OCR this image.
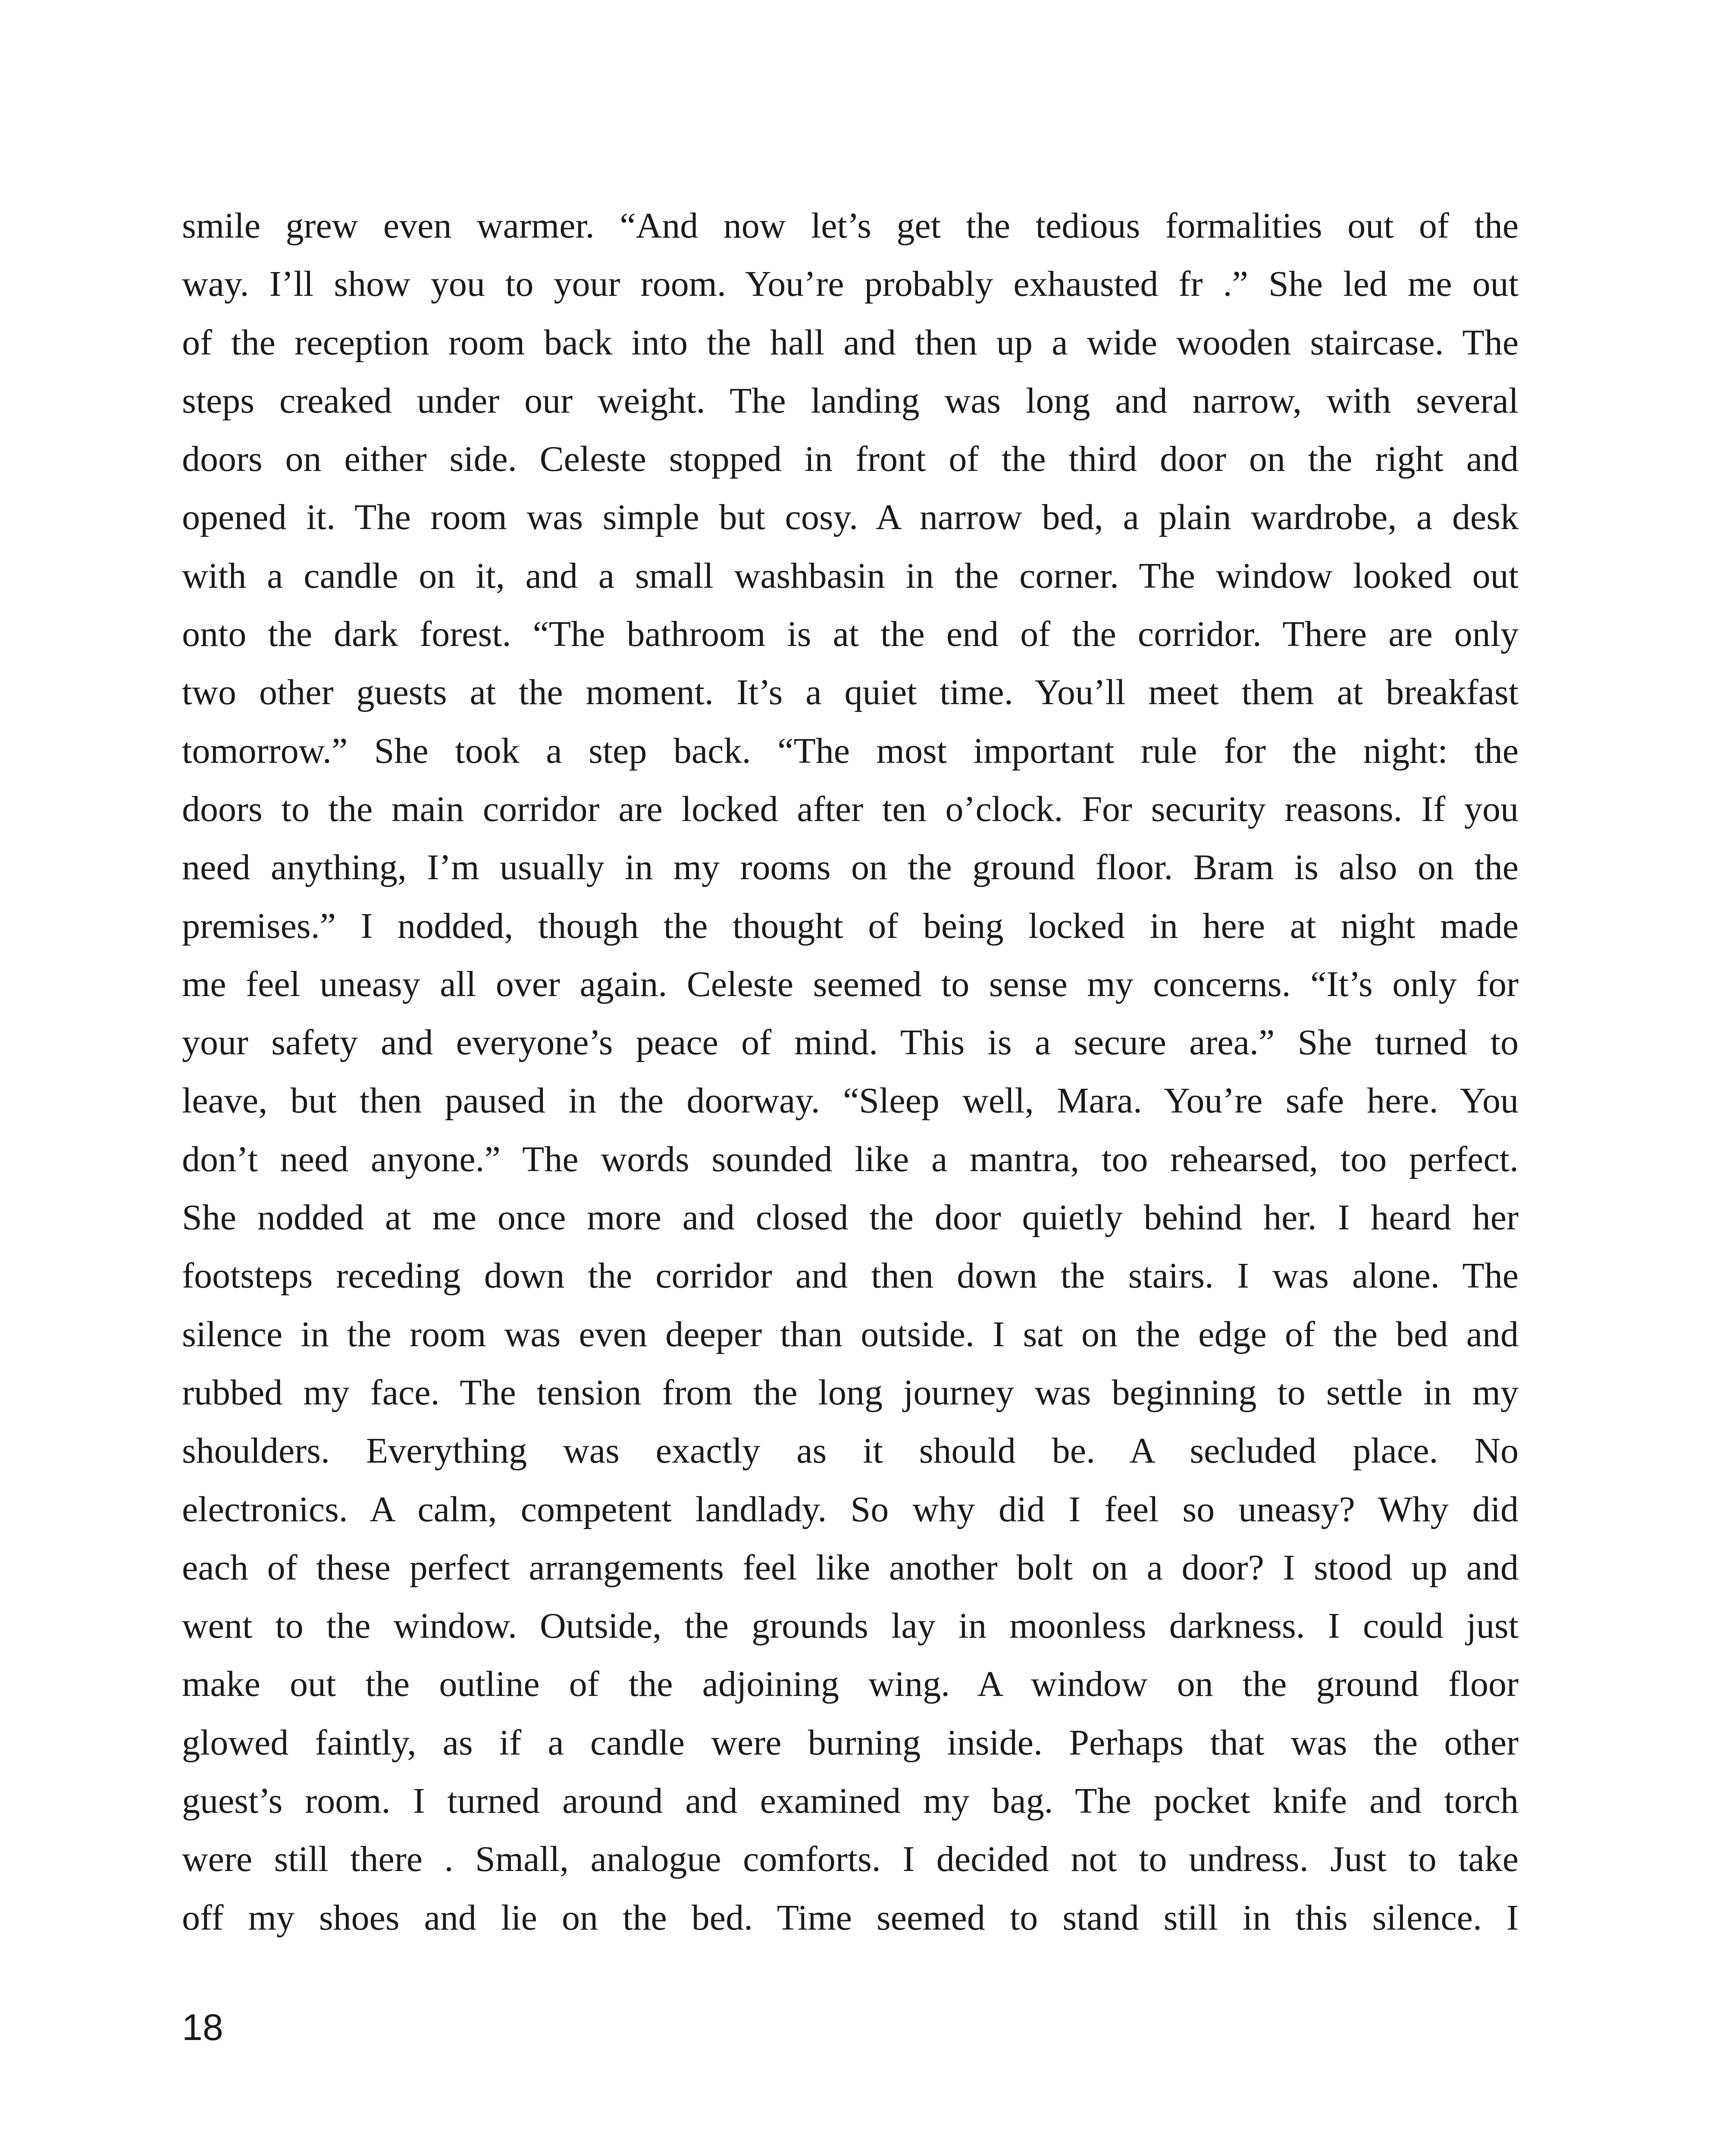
smile grew even warmer. “And now let’s get the tedious formalities out of the
way. I’ll show you to your room. You’re probably exhausted fr .” She led me out
of the reception room back into the hall and then up a wide wooden staircase. The
steps creaked under our weight. The landing was long and narrow, with several
doors on either side. Celeste stopped in front of the third door on the right and
opened it. The room was simple but cosy. A narrow bed, a plain wardrobe, a desk
with a candle on it, and a small washbasin in the corner. The window looked out
onto the dark forest. “The bathroom is at the end of the corridor. There are only
two other guests at the moment. It’s a quiet time. You’ll meet them at breakfast
tomorrow.” She took a step back. “The most important rule for the night: the
doors to the main corridor are locked after ten o’clock. For security reasons. If you
need anything, I’m usually in my rooms on the ground floor. Bram is also on the
premises.” I nodded, though the thought of being locked in here at night made
me feel uneasy all over again. Celeste seemed to sense my concerns. “It’s only for
your safety and everyone’s peace of mind. This is a secure area.” She turned to
leave, but then paused in the doorway. “Sleep well, Mara. You’re safe here. You
don’t need anyone.” The words sounded like a mantra, too rehearsed, too perfect.
She nodded at me once more and closed the door quietly behind her. I heard her
footsteps receding down the corridor and then down the stairs. I was alone. The
silence in the room was even deeper than outside. I sat on the edge of the bed and
rubbed my face. The tension from the long journey was beginning to settle in my
shoulders. Everything was exactly as it should be. A secluded place. No
electronics. A calm, competent landlady. So why did I feel so uneasy? Why did
each of these perfect arrangements feel like another bolt on a door? I stood up and
went to the window. Outside, the grounds lay in moonless darkness. I could just
make out the outline of the adjoining wing. A window on the ground floor
glowed faintly, as if a candle were burning inside. Perhaps that was the other
guest’s room. I turned around and examined my bag. The pocket knife and torch
were still there . Small, analogue comforts. I decided not to undress. Just to take
off my shoes and lie on the bed. Time seemed to stand still in this silence. I
18
